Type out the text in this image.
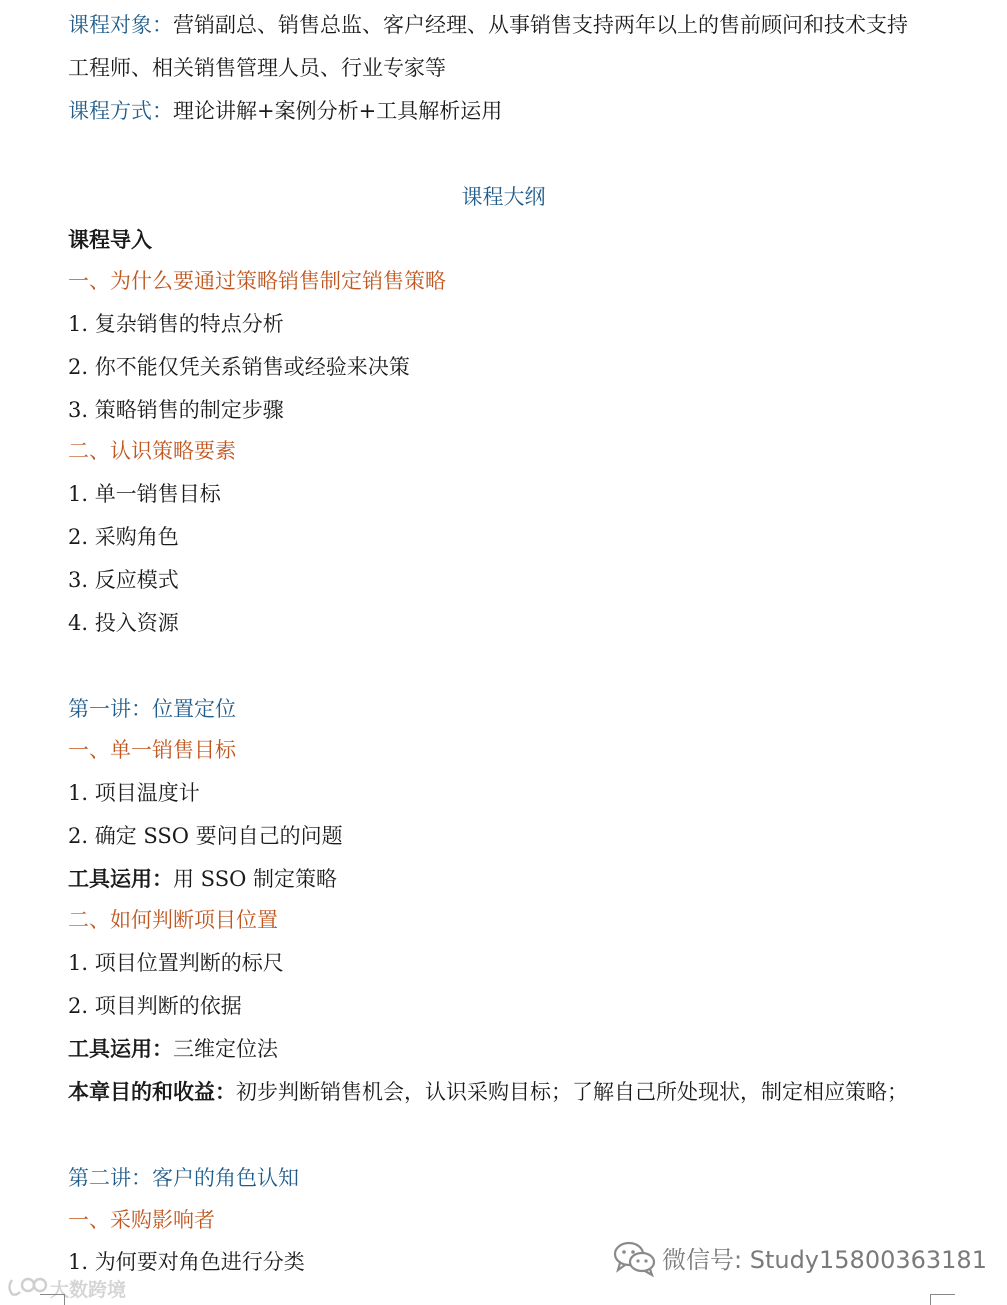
课程对象：营销副总、销售总监、客户经理、从事销售支持两年以上的售前顾问和技术支持
工程师、相关销售管理人员、行业专家等
课程方式：理论讲解+案例分析+工具解析运用
课程大纲
课程导入
一、为什么要通过策略销售制定销售策略
1. 复杂销售的特点分析
2. 你不能仅凭关系销售或经验来决策
3. 策略销售的制定步骤
二、认识策略要素
1. 单一销售目标
2. 采购角色
3. 反应模式
4. 投入资源
第一讲：位置定位
一、单一销售目标
1. 项目温度计
2. 确定 SSO 要问自己的问题
工具运用：用 SSO 制定策略
二、如何判断项目位置
1. 项目位置判断的标尺
2. 项目判断的依据
工具运用：三维定位法
本章目的和收益：初步判断销售机会，认识采购目标；了解自己所处现状，制定相应策略；
第二讲：客户的角色认知
一、采购影响者
1. 为何要对角色进行分类	微信号: Study15800363181
大数跨境
